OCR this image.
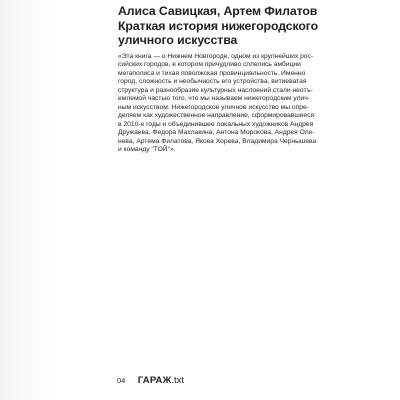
Алиса Савицкая, Артем Филатов
Краткая история нижегородского
уличного искусства
«Эта книга — о Нижнем Новгороде, одном из крупнейших рос-
сийских городов, в котором причудливо сплелись амбиции
мегаполиса и тихая поволжская провинциальность. Именно
город, сложность и необычность его устройства, витиеватая
структура и разнообразие культурных наслоений стали неотъ-
емлемой частью того, что мы называем нижегородским улич-
ным искусством. Нижегородское уличное искусство мы опре-
деляем как художественное направление, сформировавшееся
в 2010-е годы и объединившее локальных художников Андрея
Дружаева, Федора Махлакина, Антона Морокова, Андрея Оле-
нева, Артема Филатова, Якова Хорева, Владимира Чернышева
и команду "ТОЙ"».
04 ГАРАЖ.txt
